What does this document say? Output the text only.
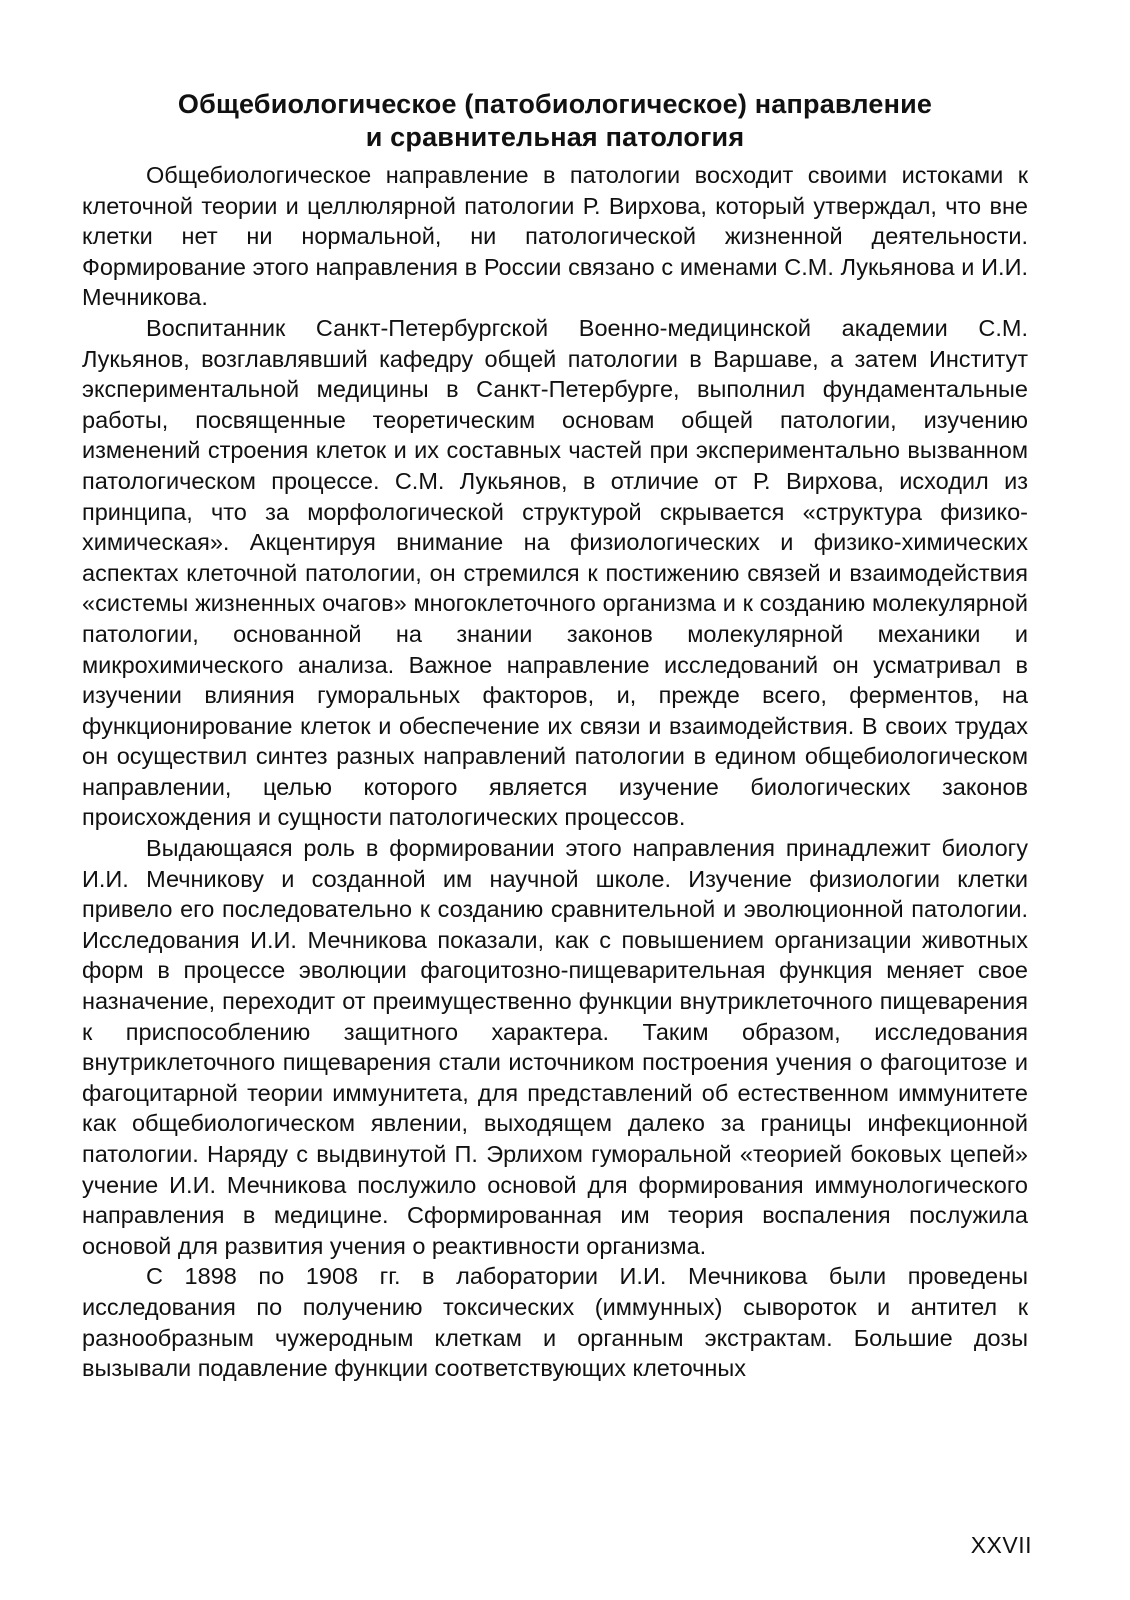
Общебиологическое (патобиологическое) направление
и сравнительная патология

Общебиологическое направление в патологии восходит своими истоками к клеточной теории и целлюлярной патологии Р. Вирхова, который утверждал, что вне клетки нет ни нормальной, ни патологической жизненной деятельности. Формирование этого направления в России связано с именами С.М. Лукьянова и И.И. Мечникова.

Воспитанник Санкт-Петербургской Военно-медицинской академии С.М. Лукьянов, возглавлявший кафедру общей патологии в Варшаве, а затем Институт экспериментальной медицины в Санкт-Петербурге, выполнил фундаментальные работы, посвященные теоретическим основам общей патологии, изучению изменений строения клеток и их составных частей при экспериментально вызванном патологическом процессе. С.М. Лукьянов, в отличие от Р. Вирхова, исходил из принципа, что за морфологической структурой скрывается «структура физико-химическая». Акцентируя внимание на физиологических и физико-химических аспектах клеточной патологии, он стремился к постижению связей и взаимодействия «системы жизненных очагов» многоклеточного организма и к созданию молекулярной патологии, основанной на знании законов молекулярной механики и микрохимического анализа. Важное направление исследований он усматривал в изучении влияния гуморальных факторов, и, прежде всего, ферментов, на функционирование клеток и обеспечение их связи и взаимодействия. В своих трудах он осуществил синтез разных направлений патологии в едином общебиологическом направлении, целью которого является изучение биологических законов происхождения и сущности патологических процессов.

Выдающаяся роль в формировании этого направления принадлежит биологу И.И. Мечникову и созданной им научной школе. Изучение физиологии клетки привело его последовательно к созданию сравнительной и эволюционной патологии. Исследования И.И. Мечникова показали, как с повышением организации животных форм в процессе эволюции фагоцитозно-пищеварительная функция меняет свое назначение, переходит от преимущественно функции внутриклеточного пищеварения к приспособлению защитного характера. Таким образом, исследования внутриклеточного пищеварения стали источником построения учения о фагоцитозе и фагоцитарной теории иммунитета, для представлений об естественном иммунитете как общебиологическом явлении, выходящем далеко за границы инфекционной патологии. Наряду с выдвинутой П. Эрлихом гуморальной «теорией боковых цепей» учение И.И. Мечникова послужило основой для формирования иммунологического направления в медицине. Сформированная им теория воспаления послужила основой для развития учения о реактивности организма.

С 1898 по 1908 гг. в лаборатории И.И. Мечникова были проведены исследования по получению токсических (иммунных) сывороток и антител к разнообразным чужеродным клеткам и органным экстрактам. Большие дозы вызывали подавление функции соответствующих клеточных

XXVII
